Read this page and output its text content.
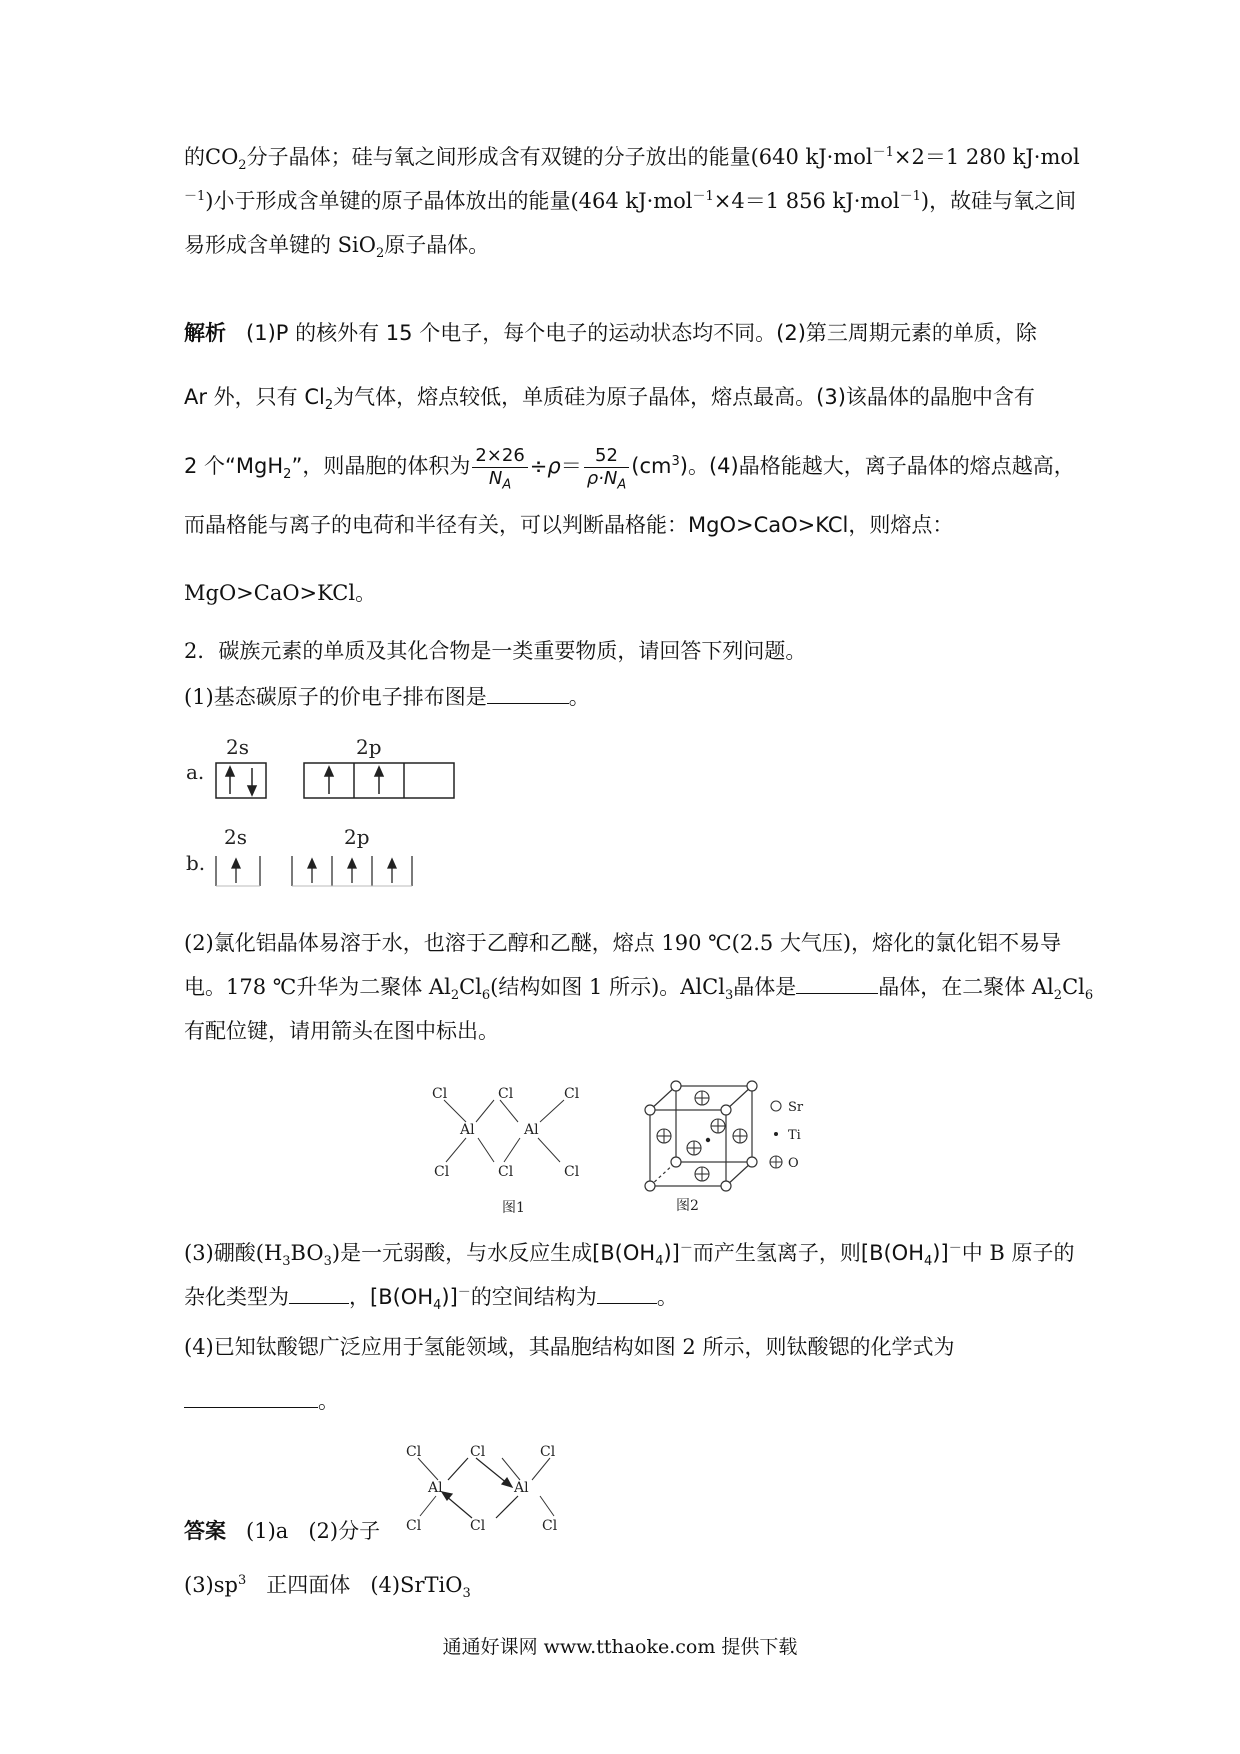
的$CO_2$分子晶体；硅与氧之间形成含有双键的分子放出的能量(640 kJ·mol$^{-1}$×2＝1 280 kJ·mol
$^{-1}$)小于形成含单键的原子晶体放出的能量(464 kJ·mol$^{-1}$×4＝1 856 kJ·mol$^{-1}$)，故硅与氧之间
易形成含单键的 SiO$_2$原子晶体。
解析 (1)P 的核外有 15 个电子，每个电子的运动状态均不同。(2)第三周期元素的单质，除
Ar 外，只有 $Cl_2$为气体，熔点较低，单质硅为原子晶体，熔点最高。(3)该晶体的晶胞中含有
2 个“MgH$_2$”，则晶胞的体积为 $\frac{2\times 26}{N_A} \div\rho= \frac{52}{\rho\cdot N_A} (cm^3)$。(4)晶格能越大，离子晶体的熔点越高，
而晶格能与离子的电荷和半径有关，可以判断晶格能：MgO>CaO>KCl，则熔点：
MgO>CaO>KCl。
2．碳族元素的单质及其化合物是一类重要物质，请回答下列问题。
(1)基态碳原子的价电子排布图是	。
a.
2s	2p
b.
2s	2p
(2)氯化铝晶体易溶于水，也溶于乙醇和乙醚，熔点 190 ℃(2.5 大气压)，熔化的氯化铝不易导
电。178 ℃升华为二聚体 $Al_2Cl_6$(结构如图 1 所示)。AlCl$_3$晶体是	晶体，在二聚体 $Al_2Cl_6$
有配位键，请用箭头在图中标出。
Cl	Cl	Cl
Al	Al
Cl	Cl	Cl
图1
Sr
Ti
O
图2
(3)硼酸$(H_3BO_3)$是一元弱酸，与水反应生成$[B(OH_4)]^-$而产生氢离子，则$[B(OH_4)]^-$中 B 原子的
杂化类型为	，$[B(OH_4)]^-$的空间结构为	。
(4)已知钛酸锶广泛应用于氢能领域，其晶胞结构如图 2 所示，则钛酸锶的化学式为
。
Cl	Cl	Cl
Al	Al
Cl	Cl	Cl
答案 (1)a (2)分子
$(3)sp^3$ 正四面体 (4)SrTiO$_3$
通通好课网 www.tthaoke.com 提供下载
